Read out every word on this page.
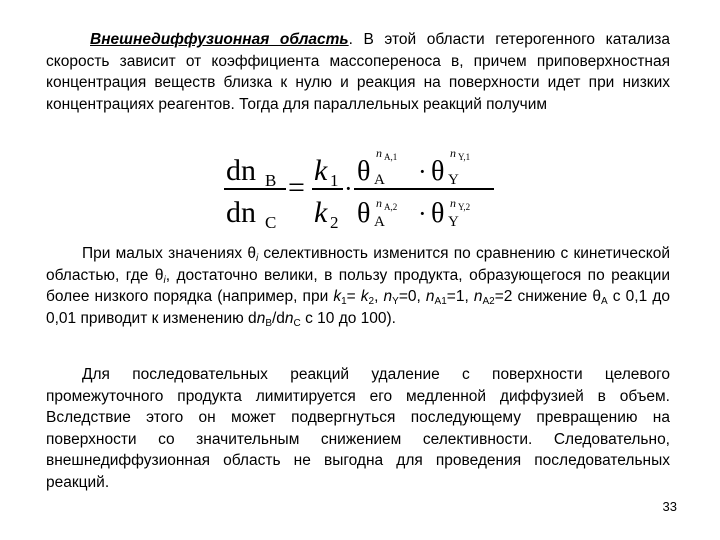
Внешнедиффузионная область. В этой области гетерогенного катализа скорость зависит от коэффициента массопереноса в, причем приповерхностная концентрация веществ близка к нулю и реакция на поверхности идет при низких концентрациях реагентов. Тогда для параллельных реакций получим

dn B
dn C
=
k 1
k 2
·
θ A
n A,1 · θ Y
n Y,1
θ A
n A,2 · θ Y
n Y,2

При малых значениях $\theta_i$ селективность изменится по сравнению с кинетической областью, где $\theta_i$, достаточно велики, в пользу продукта, образующегося по реакции более низкого порядка (например, при $k_1= k_2$, $n_Y=0$, $n_{A1}=1$, $n_{A2}=2$ снижение $\theta_A$ с 0,1 до 0,01 приводит к изменению $dn_B/dn_C$ с 10 до 100).

Для последовательных реакций удаление с поверхности целевого промежуточного продукта лимитируется его медленной диффузией в объем. Вследствие этого он может подвергнуться последующему превращению на поверхности со значительным снижением селективности. Следовательно, внешнедиффузионная область не выгодна для проведения последовательных реакций.

33
